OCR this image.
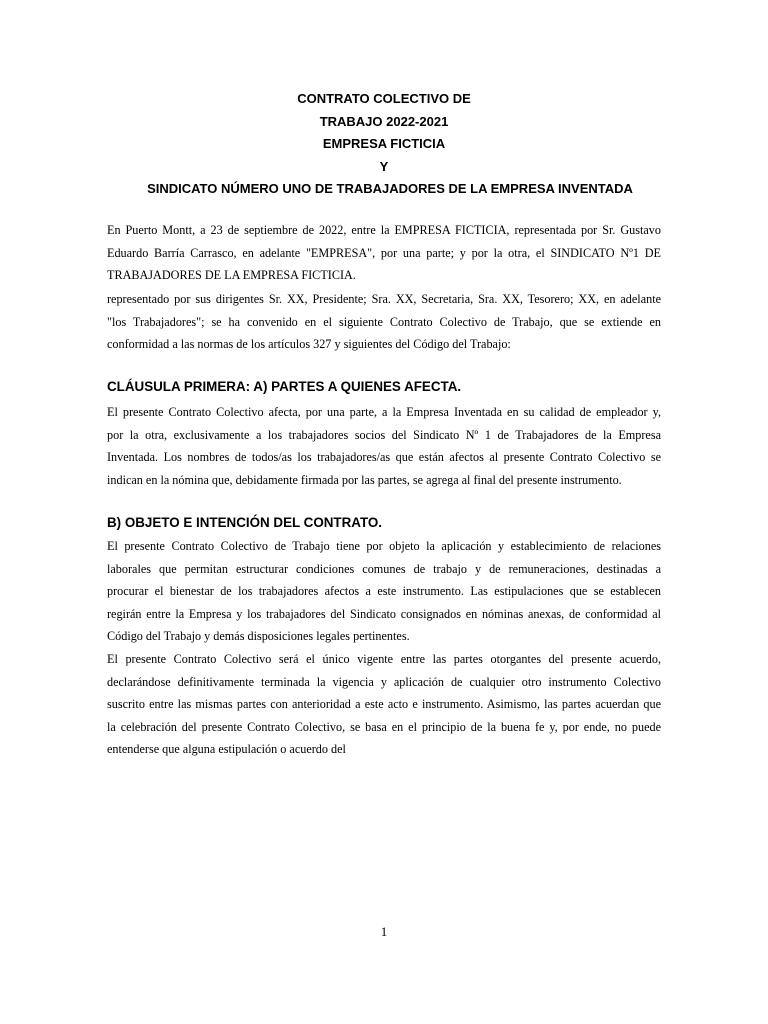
CONTRATO COLECTIVO DE
TRABAJO 2022-2021
EMPRESA FICTICIA
Y
SINDICATO NÚMERO UNO DE TRABAJADORES DE LA EMPRESA INVENTADA
En Puerto Montt, a 23 de septiembre de 2022, entre la EMPRESA FICTICIA, representada por Sr. Gustavo
Eduardo Barría Carrasco, en adelante "EMPRESA", por una parte; y por la otra, el SINDICATO Nº1 DE
TRABAJADORES DE LA EMPRESA FICTICIA.
representado por sus dirigentes Sr. XX, Presidente; Sra. XX, Secretaria, Sra. XX, Tesorero; XX, en adelante
"los Trabajadores"; se ha convenido en el siguiente Contrato Colectivo de Trabajo, que se extiende en
conformidad a las normas de los artículos 327 y siguientes del Código del Trabajo:
CLÁUSULA PRIMERA: A) PARTES A QUIENES AFECTA.
El presente Contrato Colectivo afecta, por una parte, a la Empresa Inventada en su calidad de empleador y,
por la otra, exclusivamente a los trabajadores socios del Sindicato Nº 1 de Trabajadores de la Empresa
Inventada. Los nombres de todos/as los trabajadores/as que están afectos al presente Contrato Colectivo se
indican en la nómina que, debidamente firmada por las partes, se agrega al final del presente instrumento.
B) OBJETO E INTENCIÓN DEL CONTRATO.
El presente Contrato Colectivo de Trabajo tiene por objeto la aplicación y establecimiento de relaciones
laborales que permitan estructurar condiciones comunes de trabajo y de remuneraciones, destinadas a
procurar el bienestar de los trabajadores afectos a este instrumento. Las estipulaciones que se establecen
regirán entre la Empresa y los trabajadores del Sindicato consignados en nóminas anexas, de conformidad al
Código del Trabajo y demás disposiciones legales pertinentes.
El presente Contrato Colectivo será el único vigente entre las partes otorgantes del presente acuerdo,
declarándose definitivamente terminada la vigencia y aplicación de cualquier otro instrumento Colectivo
suscrito entre las mismas partes con anterioridad a este acto e instrumento. Asimismo, las partes acuerdan que
la celebración del presente Contrato Colectivo, se basa en el principio de la buena fe y, por ende, no puede
entenderse que alguna estipulación o acuerdo del
1
